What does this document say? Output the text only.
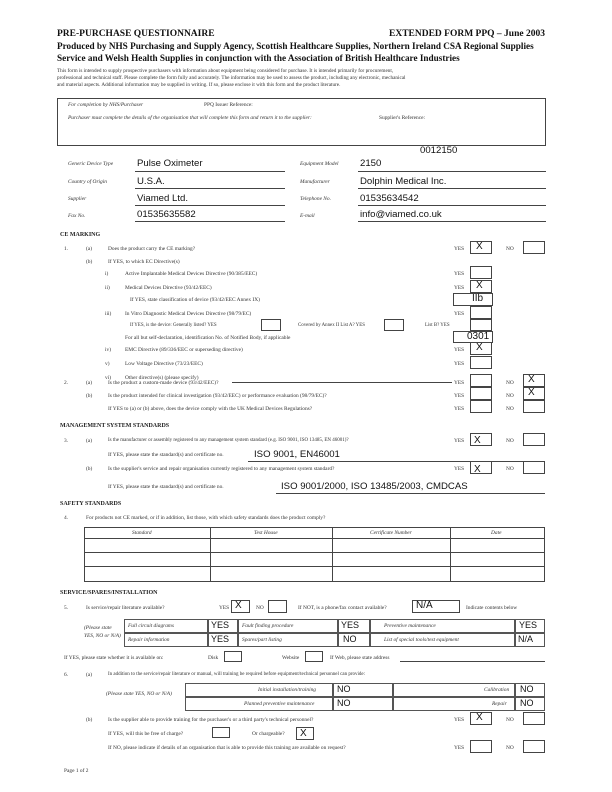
PRE-PURCHASE QUESTIONNAIRE	EXTENDED FORM PPQ – June 2003
Produced by NHS Purchasing and Supply Agency, Scottish Healthcare Supplies, Northern Ireland CSA Regional Supplies
Service and Welsh Health Supplies in conjunction with the Association of British Healthcare Industries
This form is intended to supply prospective purchasers with information about equipment being considered for purchase. It is intended primarily for procurement,
professional and technical staff. Please complete the form fully and accurately. The information may be used to assess the product, including any electronic, mechanical
and material aspects. Additional information may be supplied in writing. If so, please enclose it with this form and the product literature.
For completion by NHS/Purchaser	PPQ Issuer Reference:
Purchaser must complete the details of the organisation that will complete this form and return it to the supplier:	Supplier's Reference:
0012150
Generic Device Type Pulse Oximeter	Equipment Model 2150
Country of Origin	U.S.A.	Manufacturer	Dolphin Medical Inc.
Supplier	Viamed Ltd.	Telephone No.	01535634542
Fax No.	01535635582	E-mail	info@viamed.co.uk
CE MARKING
1.	(a)	Does the product carry the CE marking?	YES X	NO
(b)	If YES, to which EC Directive(s)
i)	Active Implantable Medical Devices Directive (90/385/EEC)	YES
ii)	Medical Devices Directive (93/42/EEC)	YES X
If YES, state classification of device (93/42/EEC Annex IX)	IIb
iii)	In Vitro Diagnostic Medical Devices Directive (98/79/EC)	YES
If YES, is the device: Generally listed? YES	Covered by Annex II List A? YES	List B? YES
For all but self-declaration, identification No. of Notified Body, if applicable	0301
iv)	EMC Directive (89/336/EEC or superseding directive)	YES X
v)	Low Voltage Directive (73/23/EEC)	YES
vi)	Other directive(s) (please specify)
2.	(a)	Is the product a custom-made device (93/42/EEC)?	YES	NO X
(b)	Is the product intended for clinical investigation (93/42/EEC) or performance evaluation (98/79/EC)?	YES	NO X
If YES to (a) or (b) above, does the device comply with the UK Medical Devices Regulations?	YES	NO
MANAGEMENT SYSTEM STANDARDS
3.	(a)	Is the manufacturer or assembly registered to any management system standard (e.g. ISO 9001, ISO 13485, EN 46001)?	YES X	NO
If YES, please state the standard(s) and certificate no.	ISO 9001, EN46001
(b)	Is the supplier's service and repair organisation currently registered to any management system standard?	YES X	NO
If YES, please state the standard(s) and certificate no.	ISO 9001/2000, ISO 13485/2003, CMDCAS
SAFETY STANDARDS
4.	For products not CE marked, or if in addition, list those, with which safety standards does the product comply?
Standard	Test House	Certificate Number	Date
SERVICE/SPARES/INSTALLATION
5.	Is service/repair literature available?	YES X	NO	If NOT, is a phone/fax contact available?	N/A	Indicate contents below
(Please state
YES, NO or N/A)
Full circuit diagrams	YES Fault finding procedure	YES	Preventive maintenance	YES
Repair information	YES Spares/part listing	NO	List of special tools/test equipment	N/A
If YES, please state whether it is available on:	Disk	Website	If Web, please state address
6.	(a)	In addition to the service/repair literature or manual, will training be required before equipment/technical personnel can provide:
(Please state YES, NO or N/A)
Initial installation/training NO	Calibration NO
Planned preventive maintenance	NO	Repair NO
(b)	Is the supplier able to provide training for the purchaser's or a third party's technical personnel?	YES X	NO
If YES, will this be free of charge?	Or chargeable? X
If NO, please indicate if details of an organisation that is able to provide this training are available on request?	YES	NO
Page 1 of 2
